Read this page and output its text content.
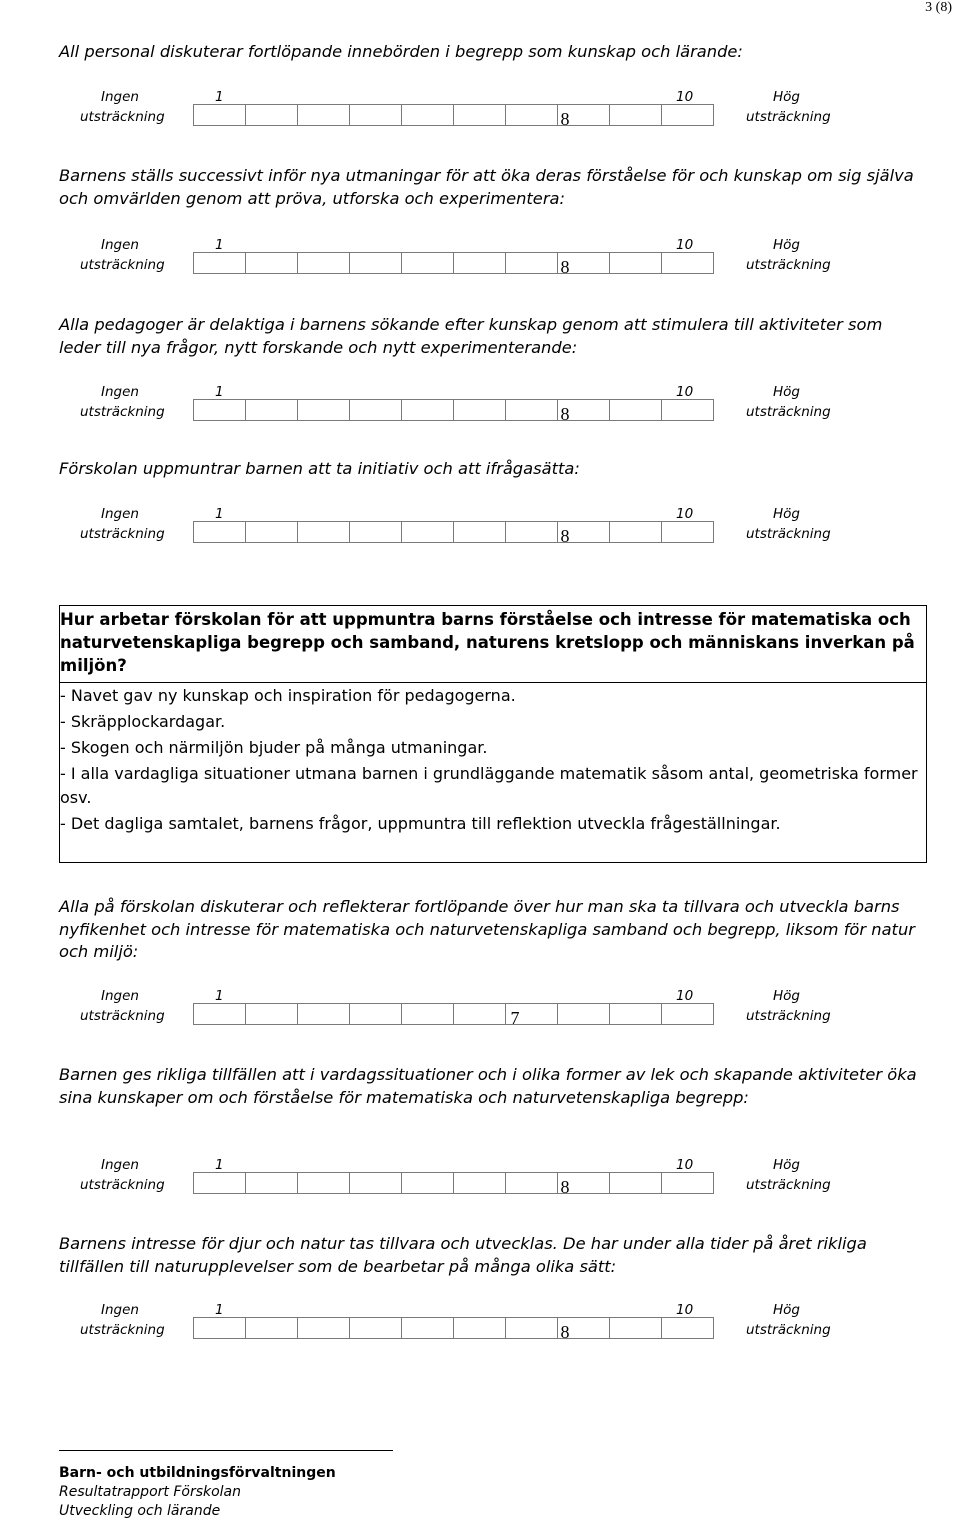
3 (8)
All personal diskuterar fortlöpande innebörden i begrepp som kunskap och lärande:
Ingen
utsträckning
1	10	Hög
utsträckning
8
Barnens ställs successivt inför nya utmaningar för att öka deras förståelse för och kunskap om sig själva och omvärlden genom att pröva, utforska och experimentera:
Ingen
utsträckning
1	10	Hög
utsträckning
8
Alla pedagoger är delaktiga i barnens sökande efter kunskap genom att stimulera till aktiviteter som leder till nya frågor, nytt forskande och nytt experimenterande:
Ingen
utsträckning
1	10	Hög
utsträckning
8
Förskolan uppmuntrar barnen att ta initiativ och att ifrågasätta:
Ingen
utsträckning
1	10	Hög
utsträckning
8
Hur arbetar förskolan för att uppmuntra barns förståelse och intresse för matematiska och naturvetenskapliga begrepp och samband, naturens kretslopp och människans inverkan på miljön?
- Navet gav ny kunskap och inspiration för pedagogerna.
- Skräpplockardagar.
- Skogen och närmiljön bjuder på många utmaningar.
- I alla vardagliga situationer utmana barnen i grundläggande matematik såsom antal, geometriska former osv.
- Det dagliga samtalet, barnens frågor, uppmuntra till reflektion utveckla frågeställningar.
Alla på förskolan diskuterar och reflekterar fortlöpande över hur man ska ta tillvara och utveckla barns nyfikenhet och intresse för matematiska och naturvetenskapliga samband och begrepp, liksom för natur och miljö:
Ingen
utsträckning
1	10	Hög
utsträckning
7
Barnen ges rikliga tillfällen att i vardagssituationer och i olika former av lek och skapande aktiviteter öka sina kunskaper om och förståelse för matematiska och naturvetenskapliga begrepp:
Ingen
utsträckning
1	10	Hög
utsträckning
8
Barnens intresse för djur och natur tas tillvara och utvecklas. De har under alla tider på året rikliga tillfällen till naturupplevelser som de bearbetar på många olika sätt:
Ingen
utsträckning
1	10	Hög
utsträckning
8
Barn- och utbildningsförvaltningen
Resultatrapport Förskolan
Utveckling och lärande
